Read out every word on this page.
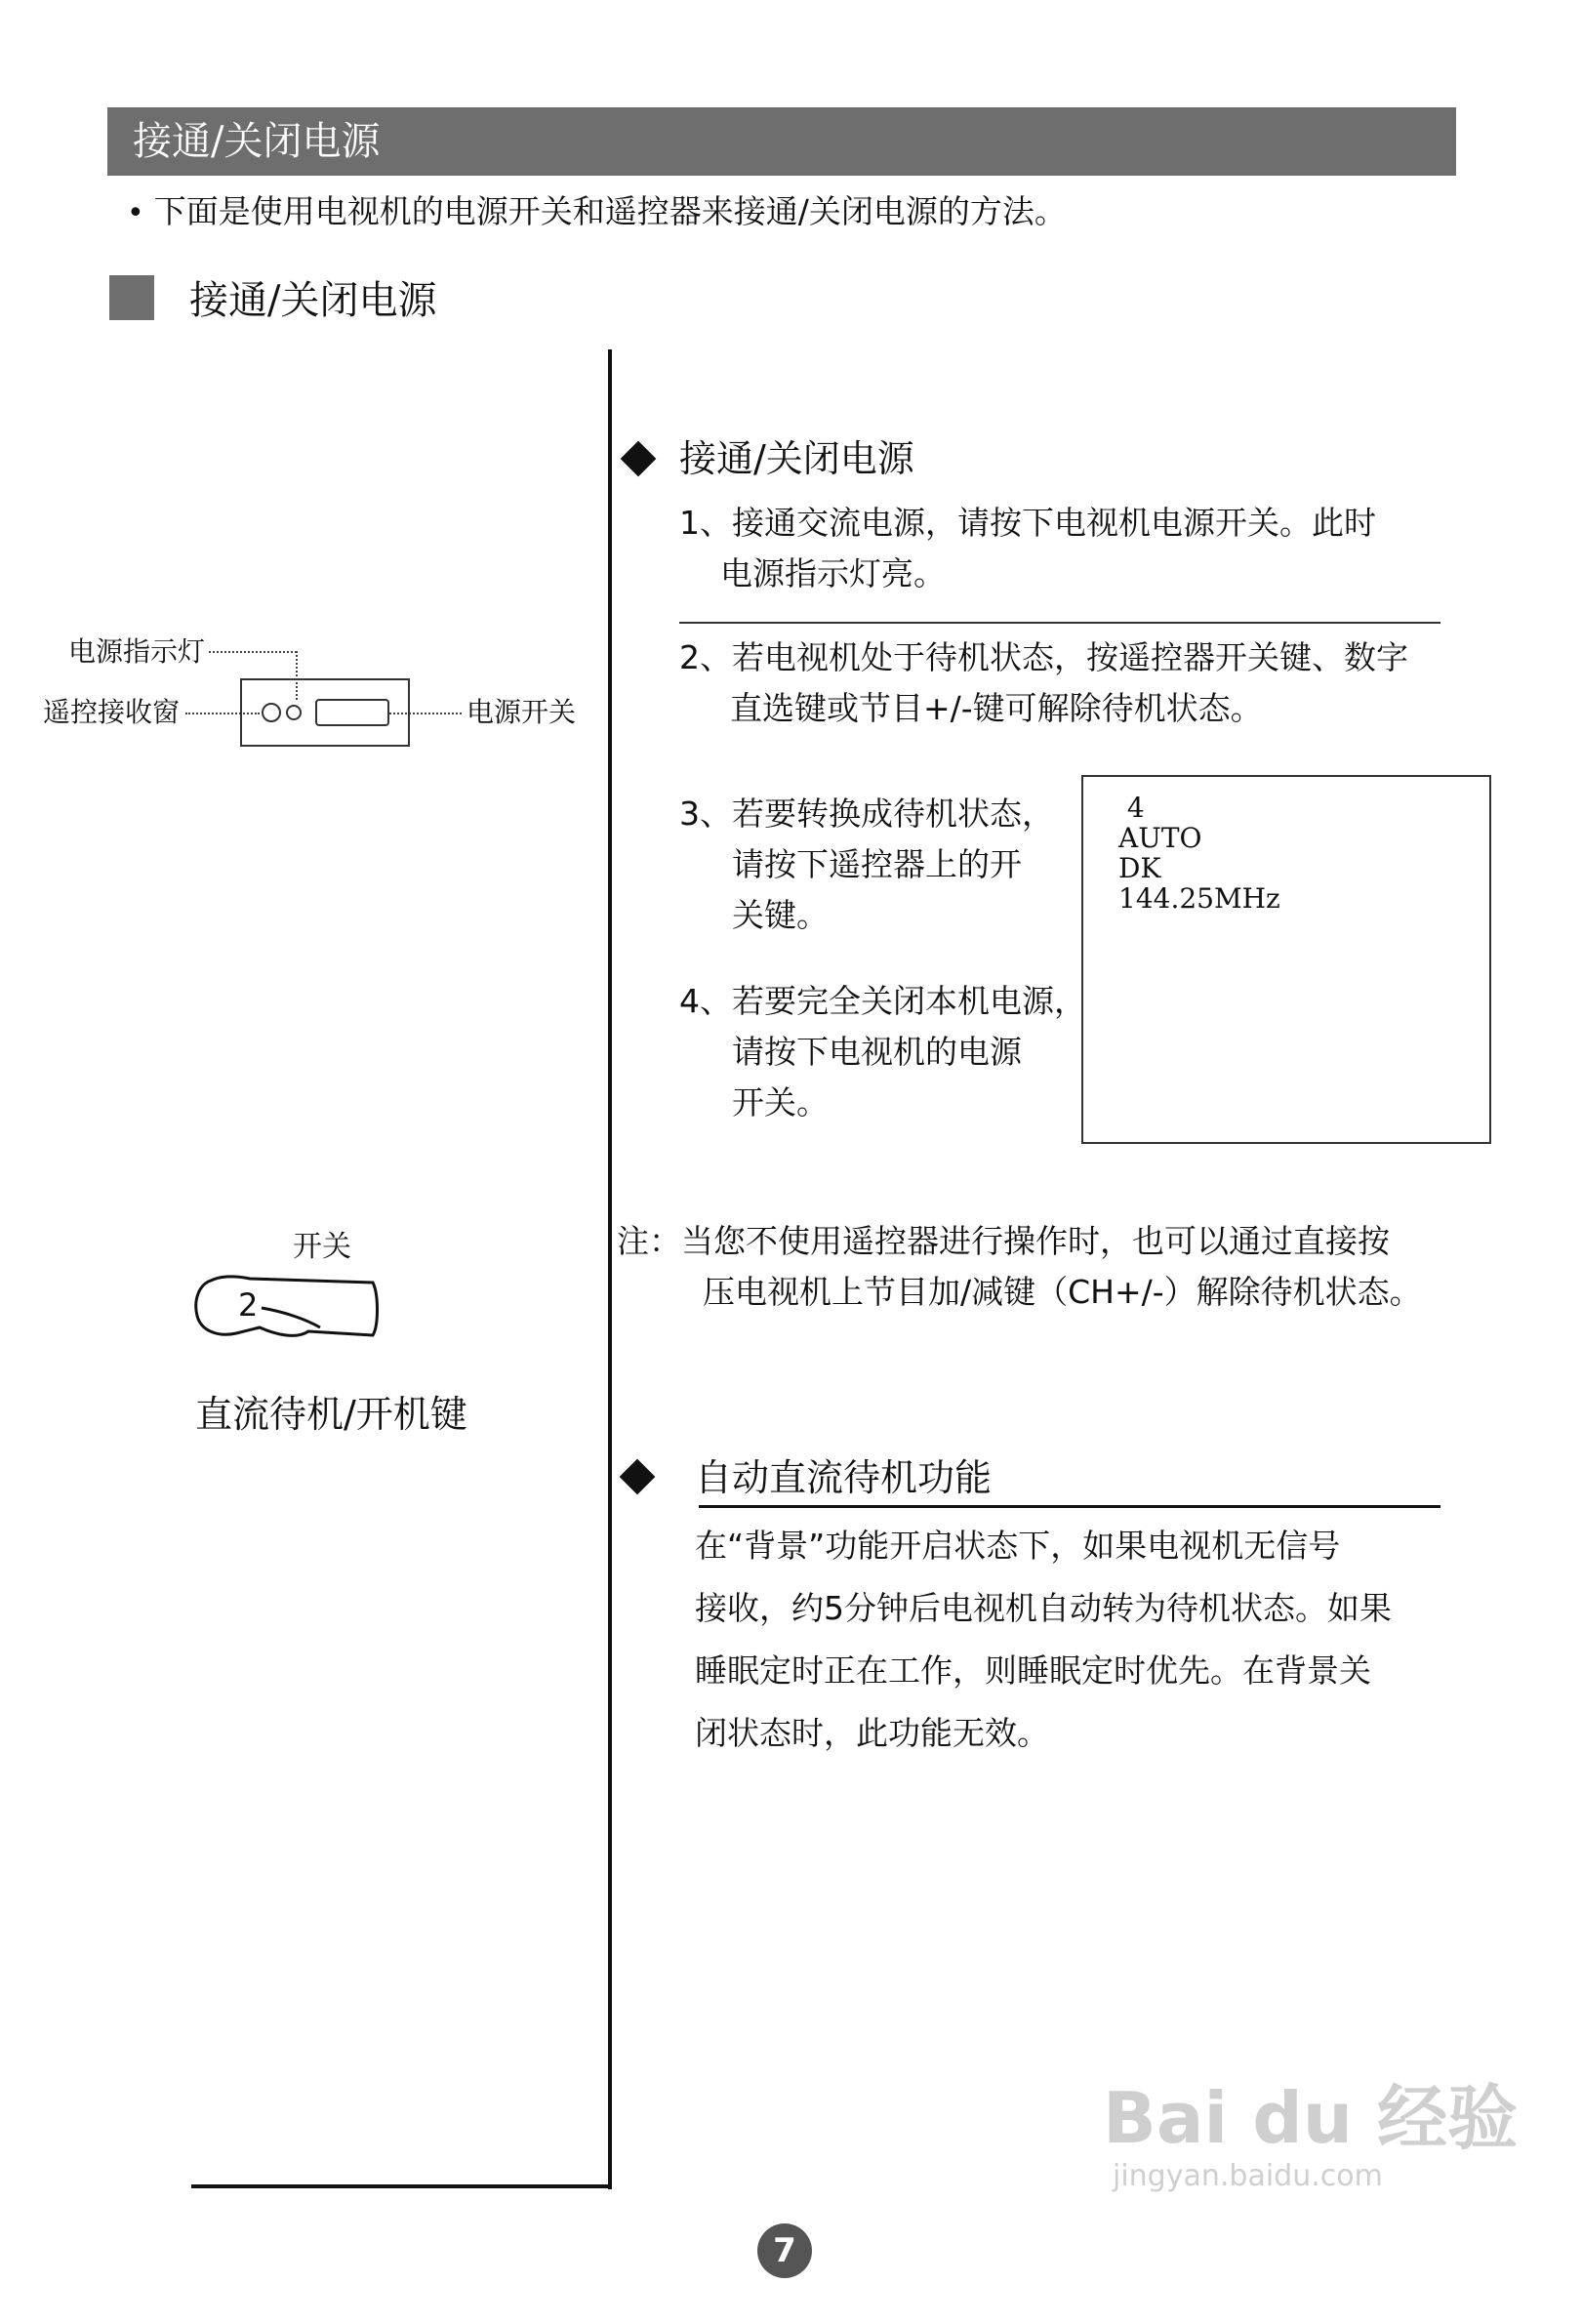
接通/关闭电源
• 下面是使用电视机的电源开关和遥控器来接通/关闭电源的方法。
接通/关闭电源
电源指示灯
遥控接收窗	电源开关
接通/关闭电源
1、接通交流电源，请按下电视机电源开关。此时
电源指示灯亮。
2、若电视机处于待机状态，按遥控器开关键、数字
直选键或节目+/-键可解除待机状态。
3、若要转换成待机状态，
请按下遥控器上的开
关键。
4、若要完全关闭本机电源，
请按下电视机的电源
开关。
4
AUTO
DK
144.25MHz
开关
2
直流待机/开机键
注：当您不使用遥控器进行操作时，也可以通过直接按
压电视机上节目加/减键（CH+/-）解除待机状态。
自动直流待机功能
在“背景”功能开启状态下，如果电视机无信号
接收，约5分钟后电视机自动转为待机状态。如果
睡眠定时正在工作，则睡眠定时优先。在背景关
闭状态时，此功能无效。
7
Bai du 经验
jingyan.baidu.com
